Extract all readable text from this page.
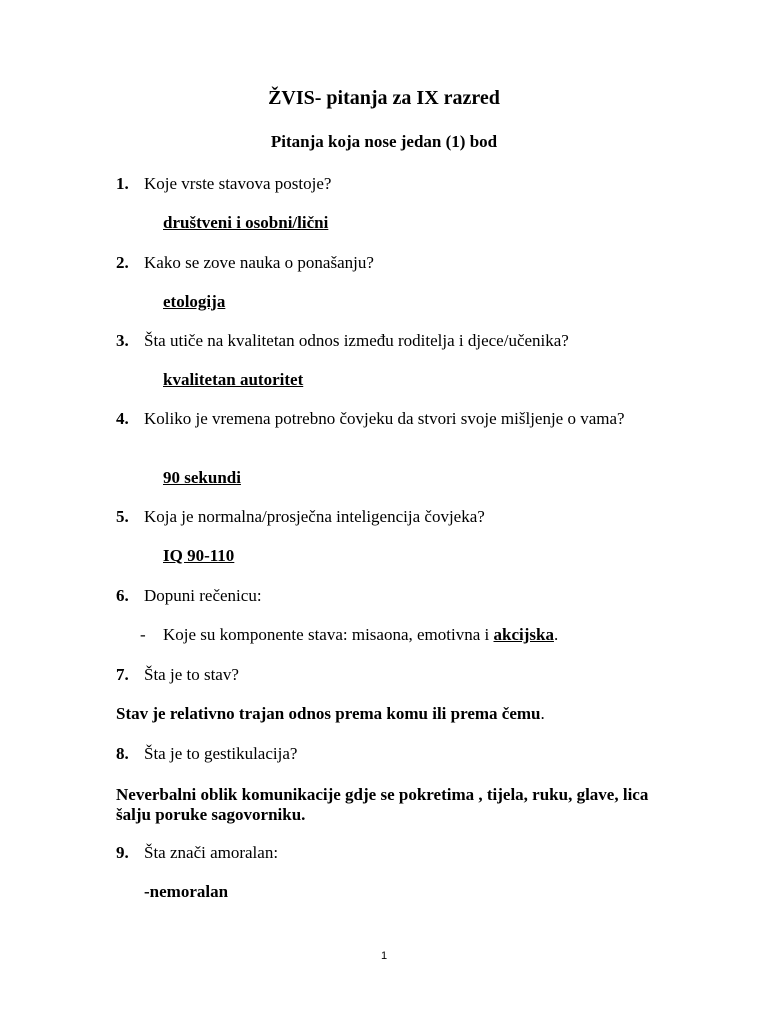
ŽVIS- pitanja za IX razred
Pitanja koja nose jedan (1) bod
1. Koje vrste stavova postoje?
društveni i osobni/lični
2. Kako se zove nauka o ponašanju?
etologija
3. Šta utiče na kvalitetan odnos između roditelja i djece/učenika?
kvalitetan autoritet
4. Koliko je vremena potrebno čovjeku da stvori svoje mišljenje o vama?
90 sekundi
5. Koja je normalna/prosječna inteligencija čovjeka?
IQ 90-110
6. Dopuni rečenicu:
- Koje su komponente stava: misaona, emotivna i akcijska.
7. Šta je to stav?
Stav je relativno trajan odnos prema komu ili prema čemu.
8. Šta je to gestikulacija?
Neverbalni oblik komunikacije gdje se pokretima , tijela, ruku, glave, lica šalju poruke sagovorniku.
9. Šta znači amoralan:
-nemoralan
1
